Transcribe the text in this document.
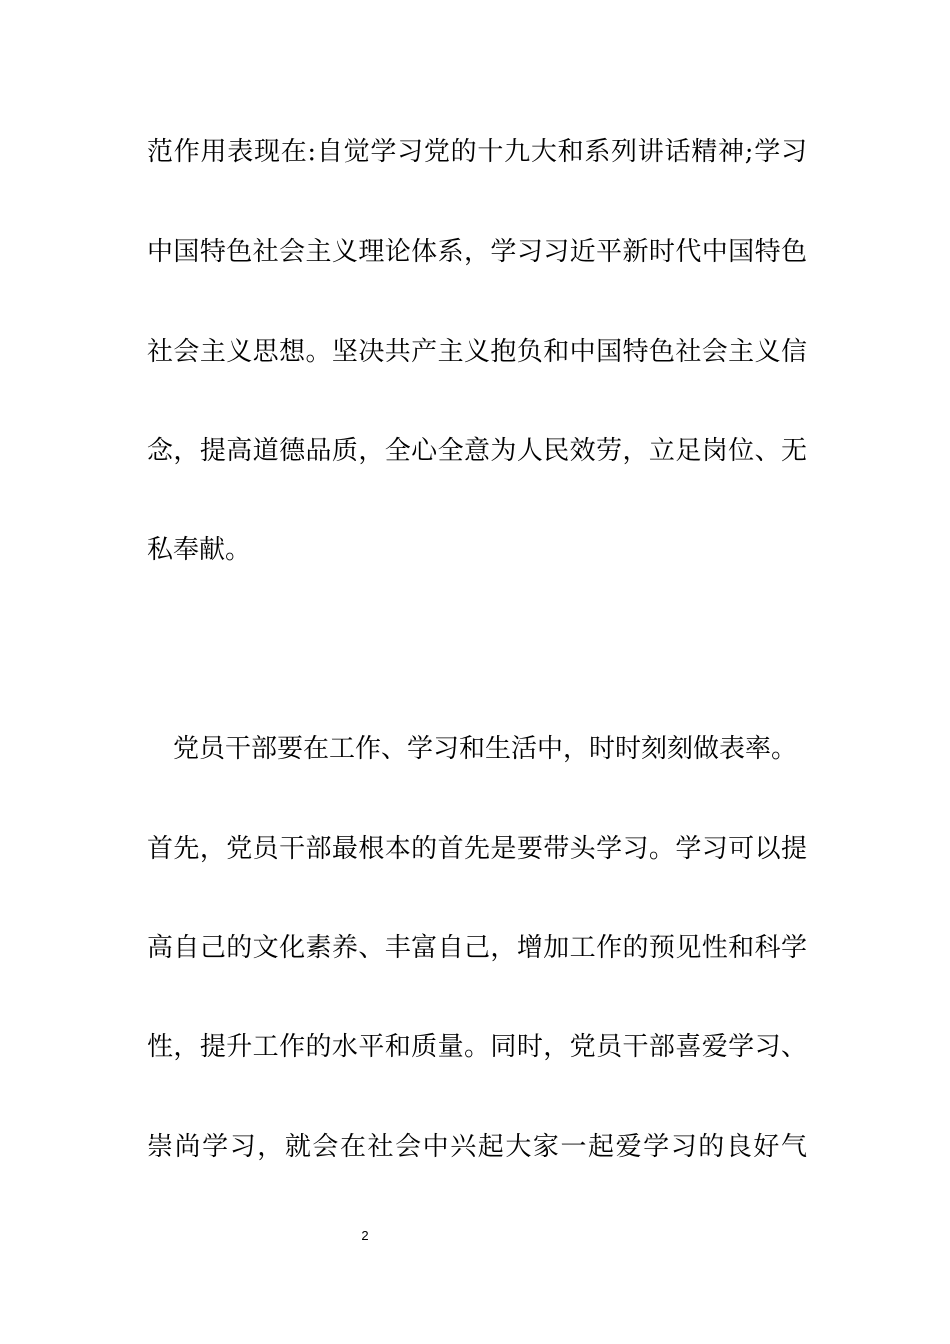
范作用表现在:自觉学习党的十九大和系列讲话精神;学习
中国特色社会主义理论体系，学习习近平新时代中国特色
社会主义思想。坚决共产主义抱负和中国特色社会主义信
念，提高道德品质，全心全意为人民效劳，立足岗位、无
私奉献。
党员干部要在工作、学习和生活中，时时刻刻做表率。
首先，党员干部最根本的首先是要带头学习。学习可以提
高自己的文化素养、丰富自己，增加工作的预见性和科学
性，提升工作的水平和质量。同时，党员干部喜爱学习、
崇尚学习，就会在社会中兴起大家一起爱学习的良好气
2
